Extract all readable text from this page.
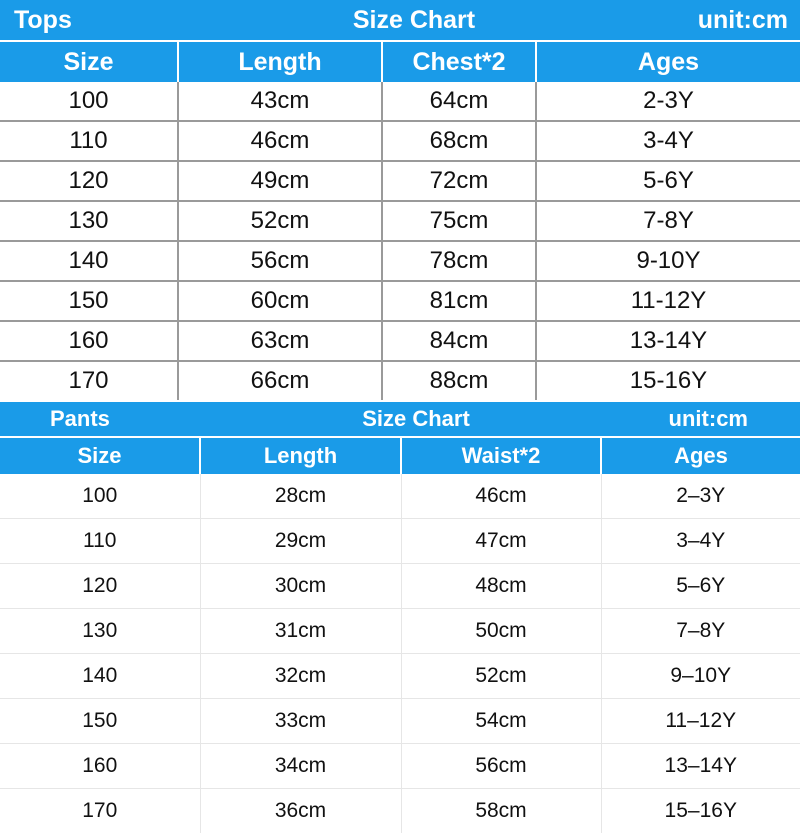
Tops	Size Chart	unit:cm
Size	Length	Chest*2	Ages
100	43cm	64cm	2-3Y
110	46cm	68cm	3-4Y
120	49cm	72cm	5-6Y
130	52cm	75cm	7-8Y
140	56cm	78cm	9-10Y
150	60cm	81cm	11-12Y
160	63cm	84cm	13-14Y
170	66cm	88cm	15-16Y
Pants	Size Chart	unit:cm
Size	Length	Waist*2	Ages
100	28cm	46cm	2–3Y
110	29cm	47cm	3–4Y
120	30cm	48cm	5–6Y
130	31cm	50cm	7–8Y
140	32cm	52cm	9–10Y
150	33cm	54cm	11–12Y
160	34cm	56cm	13–14Y
170	36cm	58cm	15–16Y
